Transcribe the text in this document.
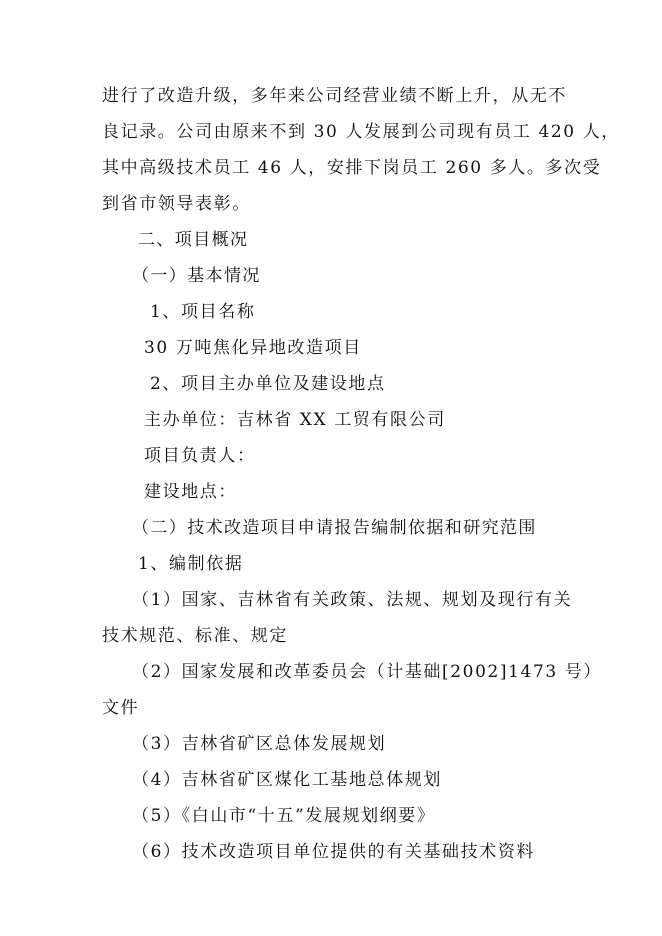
进行了改造升级，多年来公司经营业绩不断上升，从无不
良记录。公司由原来不到 30 人发展到公司现有员工 420 人，
其中高级技术员工 46 人，安排下岗员工 260 多人。多次受
到省市领导表彰。
二、项目概况
（一）基本情况
1、项目名称
30 万吨焦化异地改造项目
2、项目主办单位及建设地点
主办单位：吉林省 XX 工贸有限公司
项目负责人：
建设地点：
（二）技术改造项目申请报告编制依据和研究范围
1、编制依据
（1）国家、吉林省有关政策、法规、规划及现行有关
技术规范、标准、规定
（2）国家发展和改革委员会（计基础[2002]1473 号）
文件
（3）吉林省矿区总体发展规划
（4）吉林省矿区煤化工基地总体规划
（5）《白山市“十五”发展规划纲要》
（6）技术改造项目单位提供的有关基础技术资料
